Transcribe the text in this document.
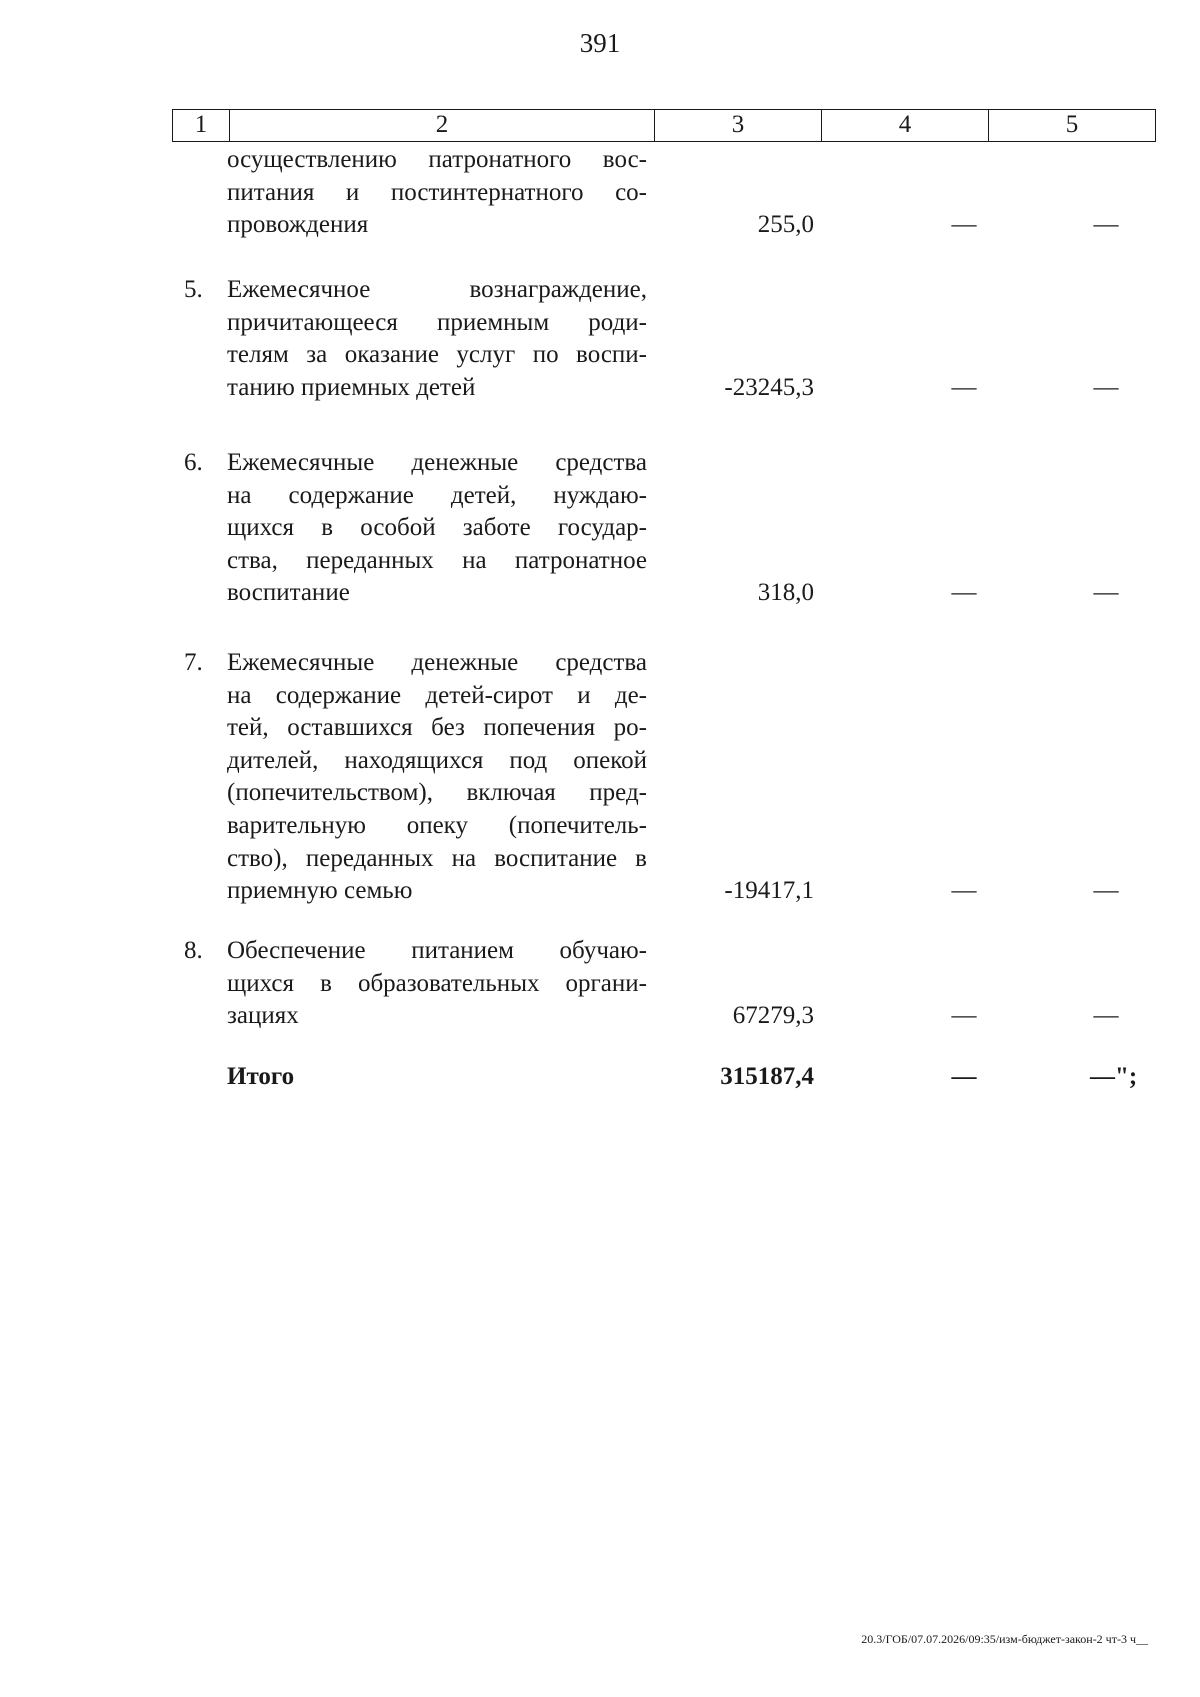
391
1	2	3	4	5
осуществлению патронатного вос-
питания и постинтернатного со-
провождения	255,0	—	—
5. Ежемесячное вознаграждение,
причитающееся приемным роди-
телям за оказание услуг по воспи-
танию приемных детей	-23245,3	—	—
6. Ежемесячные денежные средства
на содержание детей, нуждаю-
щихся в особой заботе государ-
ства, переданных на патронатное
воспитание	318,0	—	—
7. Ежемесячные денежные средства
на содержание детей-сирот и де-
тей, оставшихся без попечения ро-
дителей, находящихся под опекой
(попечительством), включая пред-
варительную опеку (попечитель-
ство), переданных на воспитание в
приемную семью	-19417,1	—	—
8. Обеспечение питанием обучаю-
щихся в образовательных органи-
зациях	67279,3	—	—
Итого	315187,4	—	—";
20.3/ГОБ/07.07.2026/09:35/изм-бюджет-закон-2 чт-3 ч__
